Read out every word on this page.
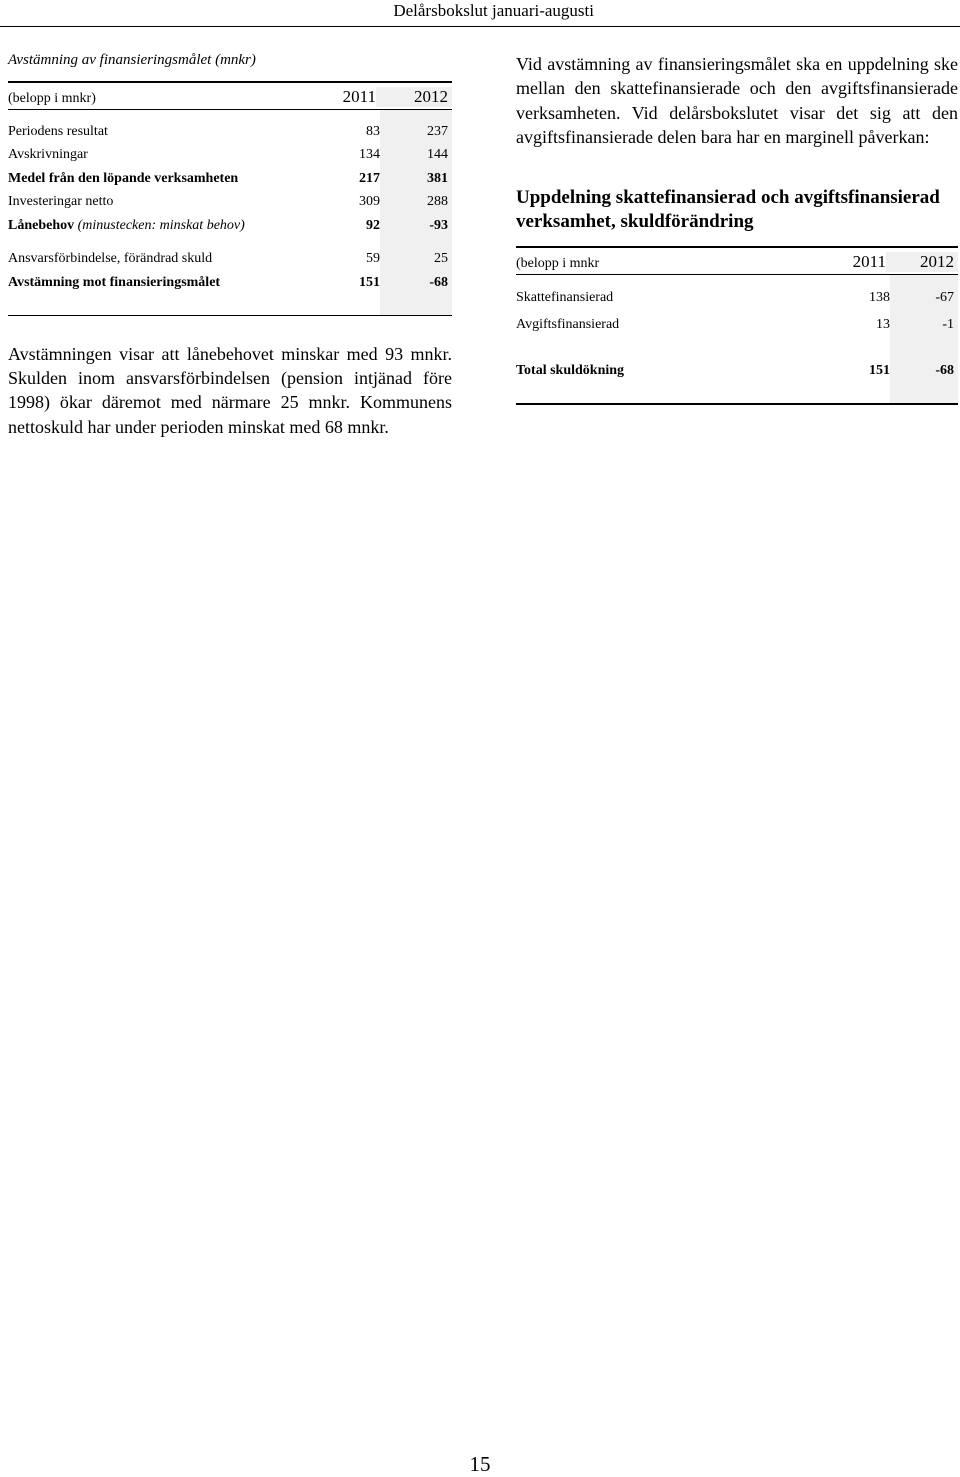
Delårsbokslut januari-augusti

Avstämning av finansieringsmålet (mnkr)

(belopp i mnkr)	2011	2012
Periodens resultat	83	237
Avskrivningar	134	144
Medel från den löpande verksamheten	217	381
Investeringar netto	309	288
Lånebehov (minustecken: minskat behov)	92	-93
Ansvarsförbindelse, förändrad skuld	59	25
Avstämning mot finansieringsmålet	151	-68

Avstämningen visar att lånebehovet minskar med 93 mnkr. Skulden inom ansvarsförbindelsen (pension intjänad före 1998) ökar däremot med närmare 25 mnkr. Kommunens nettoskuld har under perioden minskat med 68 mnkr.

Vid avstämning av finansieringsmålet ska en uppdelning ske mellan den skattefinansierade och den avgiftsfinansierade verksamheten. Vid delårsbokslutet visar det sig att den avgiftsfinansierade delen bara har en marginell påverkan:

Uppdelning skattefinansierad och avgiftsfinansierad verksamhet, skuldförändring

(belopp i mnkr	2011	2012
Skattefinansierad	138	-67
Avgiftsfinansierad	13	-1
Total skuldökning	151	-68
15
